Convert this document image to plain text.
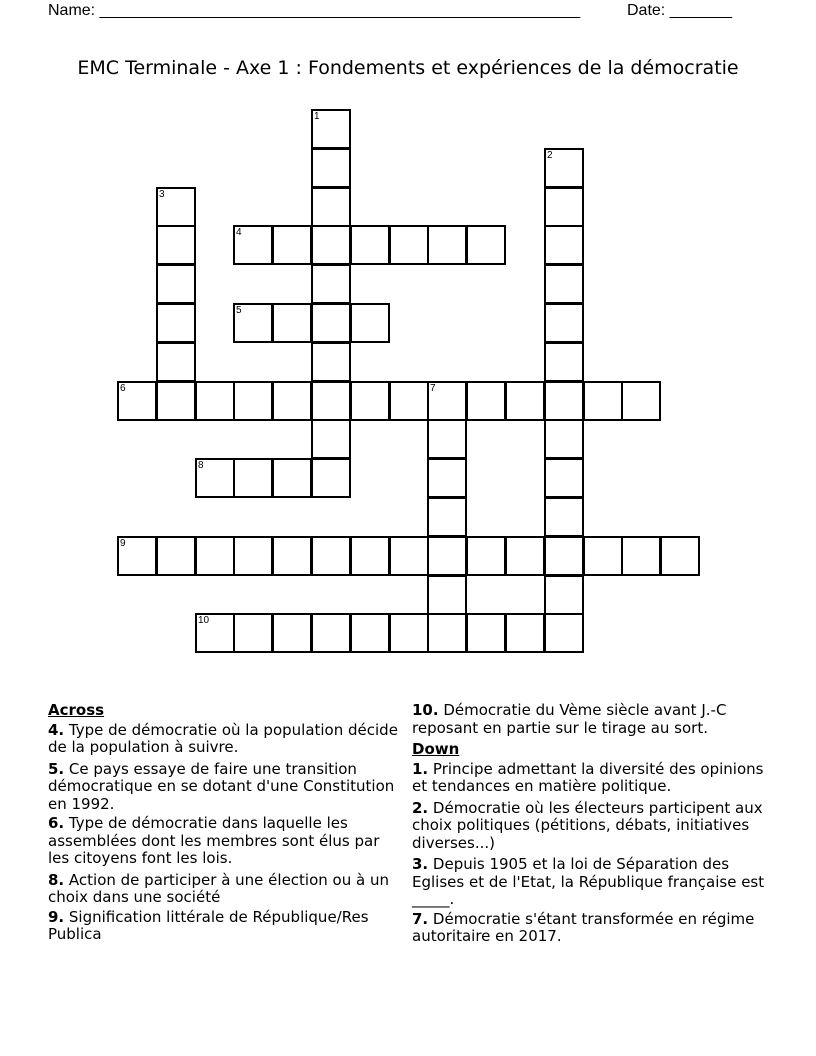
Name: ______________________________________________________	Date: _______
EMC Terminale - Axe 1 : Fondements et expériences de la démocratie
1
2
3
4
5
6	7
8
9
10
Across
4. Type de démocratie où la population décide de la population à suivre.
5. Ce pays essaye de faire une transition démocratique en se dotant d'une Constitution en 1992.
6. Type de démocratie dans laquelle les assemblées dont les membres sont élus par les citoyens font les lois.
8. Action de participer à une élection ou à un choix dans une société
9. Signification littérale de République/Res Publica
10. Démocratie du Vème siècle avant J.-C reposant en partie sur le tirage au sort.
Down
1. Principe admettant la diversité des opinions et tendances en matière politique.
2. Démocratie où les électeurs participent aux choix politiques (pétitions, débats, initiatives diverses...)
3. Depuis 1905 et la loi de Séparation des Eglises et de l'Etat, la République française est _____.
7. Démocratie s'étant transformée en régime autoritaire en 2017.
